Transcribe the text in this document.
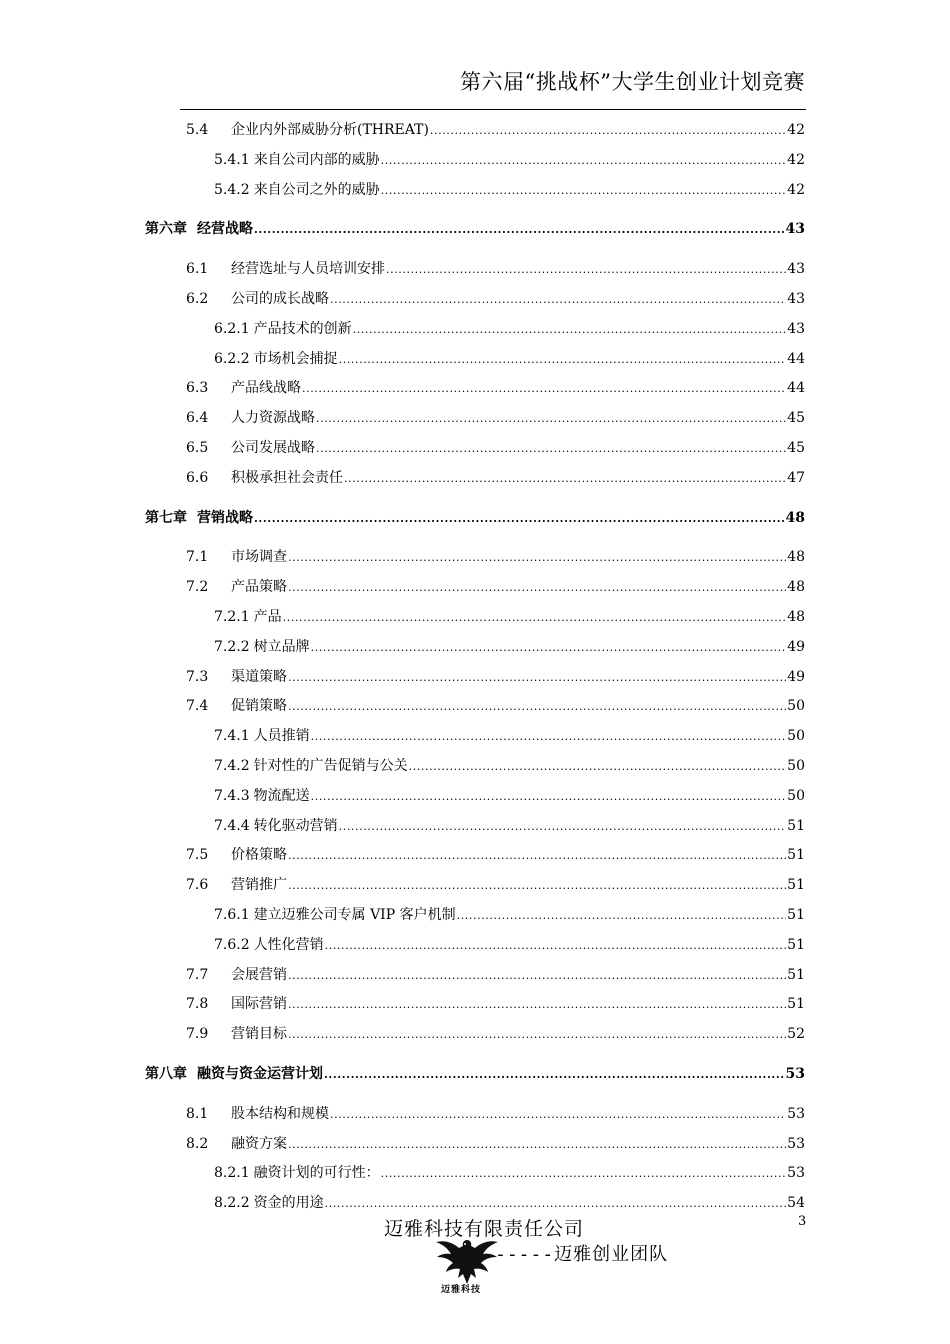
第六届“挑战杯”大学生创业计划竞赛
5.4	企业内外部威胁分析(THREAT) .....	42
5.4.1 来自公司内部的威胁 .....	42
5.4.2 来自公司之外的威胁 .....	42
第六章 经营战略 .....	43
6.1	经营选址与人员培训安排 .....	43
6.2	公司的成长战略 .....	43
6.2.1 产品技术的创新 .....	43
6.2.2 市场机会捕捉 .....	44
6.3	产品线战略 .....	44
6.4	人力资源战略 .....	45
6.5	公司发展战略 .....	45
6.6	积极承担社会责任 .....	47
第七章 营销战略 .....	48
7.1	市场调查 .....	48
7.2	产品策略 .....	48
7.2.1 产品 .....	48
7.2.2 树立品牌 .....	49
7.3	渠道策略 .....	49
7.4	促销策略 .....	50
7.4.1 人员推销 .....	50
7.4.2 针对性的广告促销与公关 .....	50
7.4.3 物流配送 .....	50
7.4.4 转化驱动营销 .....	51
7.5	价格策略 .....	51
7.6	营销推广 .....	51
7.6.1 建立迈雅公司专属 VIP 客户机制 .....	51
7.6.2 人性化营销 .....	51
7.7	会展营销 .....	51
7.8	国际营销 .....	51
7.9	营销目标 .....	52
第八章 融资与资金运营计划 .....	53
8.1	股本结构和规模 .....	53
8.2	融资方案 .....	53
8.2.1 融资计划的可行性： .....	53
8.2.2 资金的用途 .....	54
迈雅科技有限责任公司	3
迈雅科技
-----迈雅创业团队
